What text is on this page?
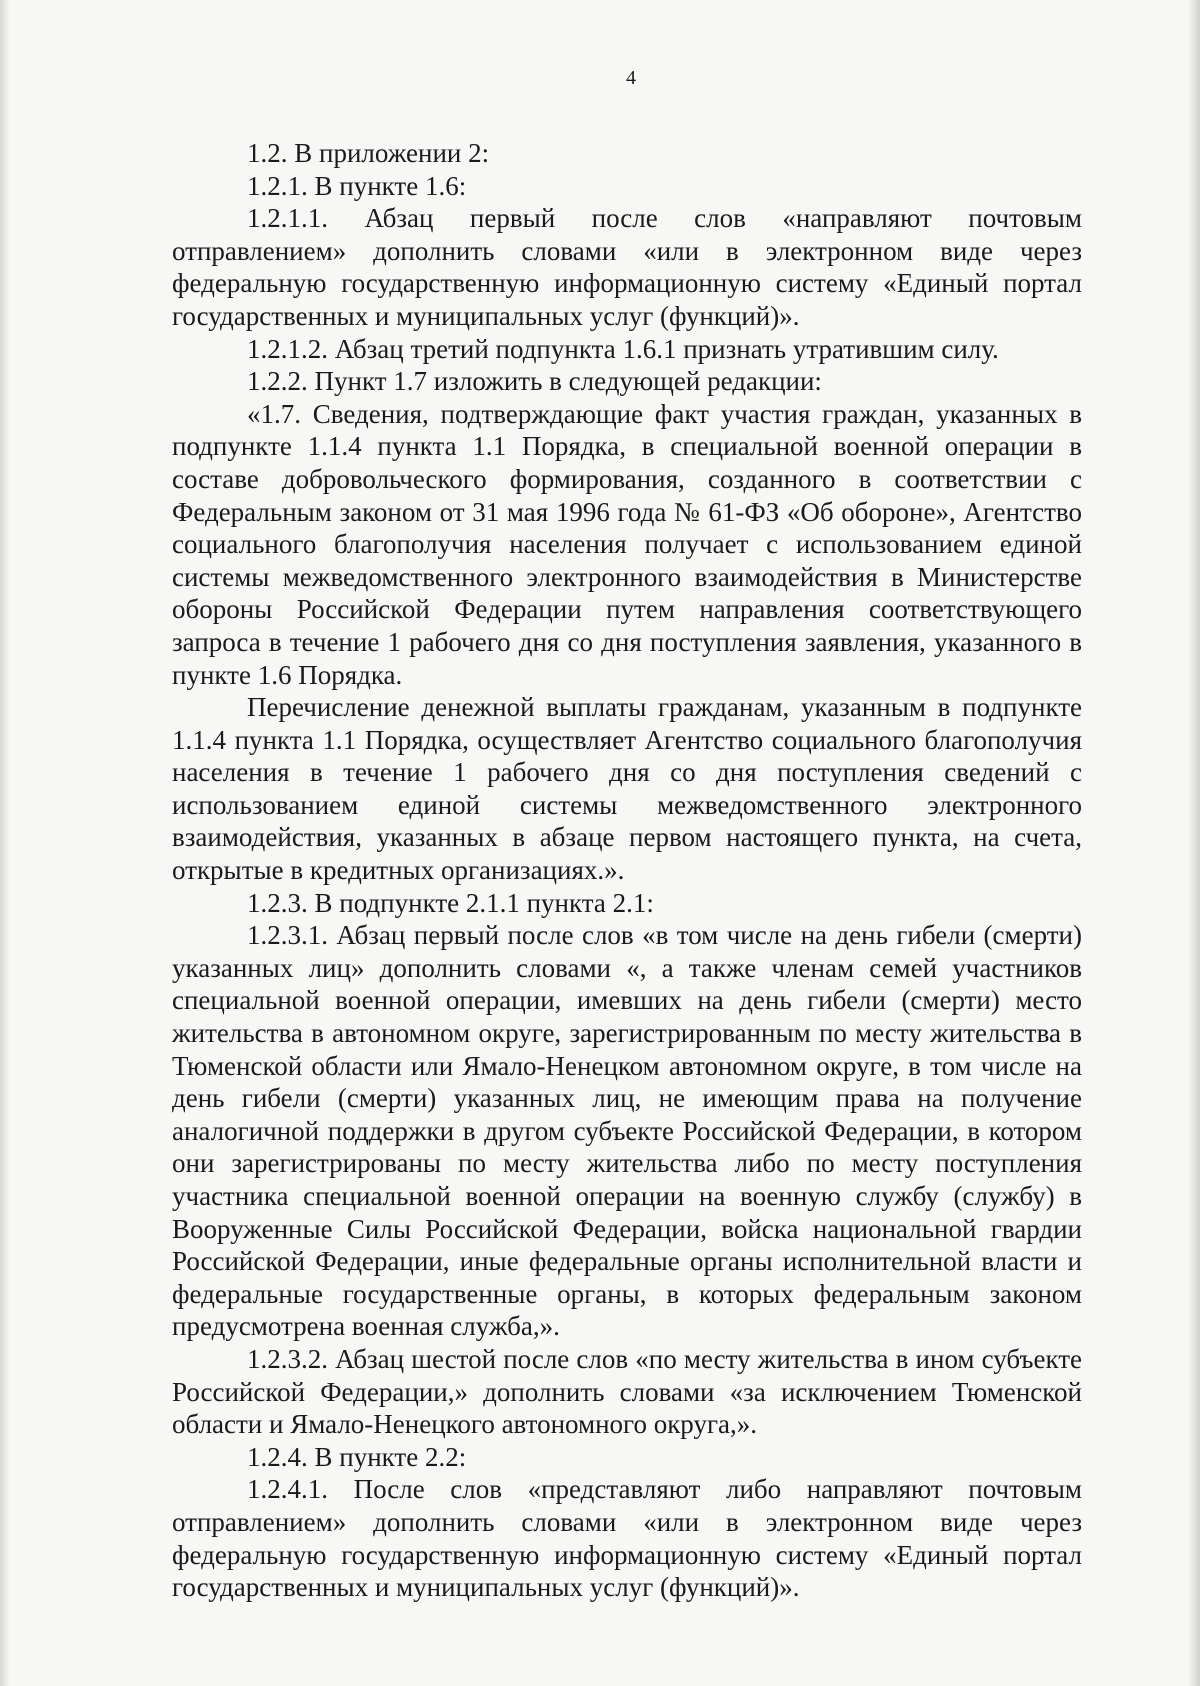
4

1.2. В приложении 2:

1.2.1. В пункте 1.6:

1.2.1.1. Абзац первый после слов «направляют почтовым отправлением» дополнить словами «или в электронном виде через федеральную государственную информационную систему «Единый портал государственных и муниципальных услуг (функций)».

1.2.1.2. Абзац третий подпункта 1.6.1 признать утратившим силу.

1.2.2. Пункт 1.7 изложить в следующей редакции:

«1.7. Сведения, подтверждающие факт участия граждан, указанных в подпункте 1.1.4 пункта 1.1 Порядка, в специальной военной операции в составе добровольческого формирования, созданного в соответствии с Федеральным законом от 31 мая 1996 года № 61-ФЗ «Об обороне», Агентство социального благополучия населения получает с использованием единой системы межведомственного электронного взаимодействия в Министерстве обороны Российской Федерации путем направления соответствующего запроса в течение 1 рабочего дня со дня поступления заявления, указанного в пункте 1.6 Порядка.

Перечисление денежной выплаты гражданам, указанным в подпункте 1.1.4 пункта 1.1 Порядка, осуществляет Агентство социального благополучия населения в течение 1 рабочего дня со дня поступления сведений с использованием единой системы межведомственного электронного взаимодействия, указанных в абзаце первом настоящего пункта, на счета, открытые в кредитных организациях.».

1.2.3. В подпункте 2.1.1 пункта 2.1:

1.2.3.1. Абзац первый после слов «в том числе на день гибели (смерти) указанных лиц» дополнить словами «, а также членам семей участников специальной военной операции, имевших на день гибели (смерти) место жительства в автономном округе, зарегистрированным по месту жительства в Тюменской области или Ямало-Ненецком автономном округе, в том числе на день гибели (смерти) указанных лиц, не имеющим права на получение аналогичной поддержки в другом субъекте Российской Федерации, в котором они зарегистрированы по месту жительства либо по месту поступления участника специальной военной операции на военную службу (службу) в Вооруженные Силы Российской Федерации, войска национальной гвардии Российской Федерации, иные федеральные органы исполнительной власти и федеральные государственные органы, в которых федеральным законом предусмотрена военная служба,».

1.2.3.2. Абзац шестой после слов «по месту жительства в ином субъекте Российской Федерации,» дополнить словами «за исключением Тюменской области и Ямало-Ненецкого автономного округа,».

1.2.4. В пункте 2.2:

1.2.4.1. После слов «представляют либо направляют почтовым отправлением» дополнить словами «или в электронном виде через федеральную государственную информационную систему «Единый портал государственных и муниципальных услуг (функций)».
